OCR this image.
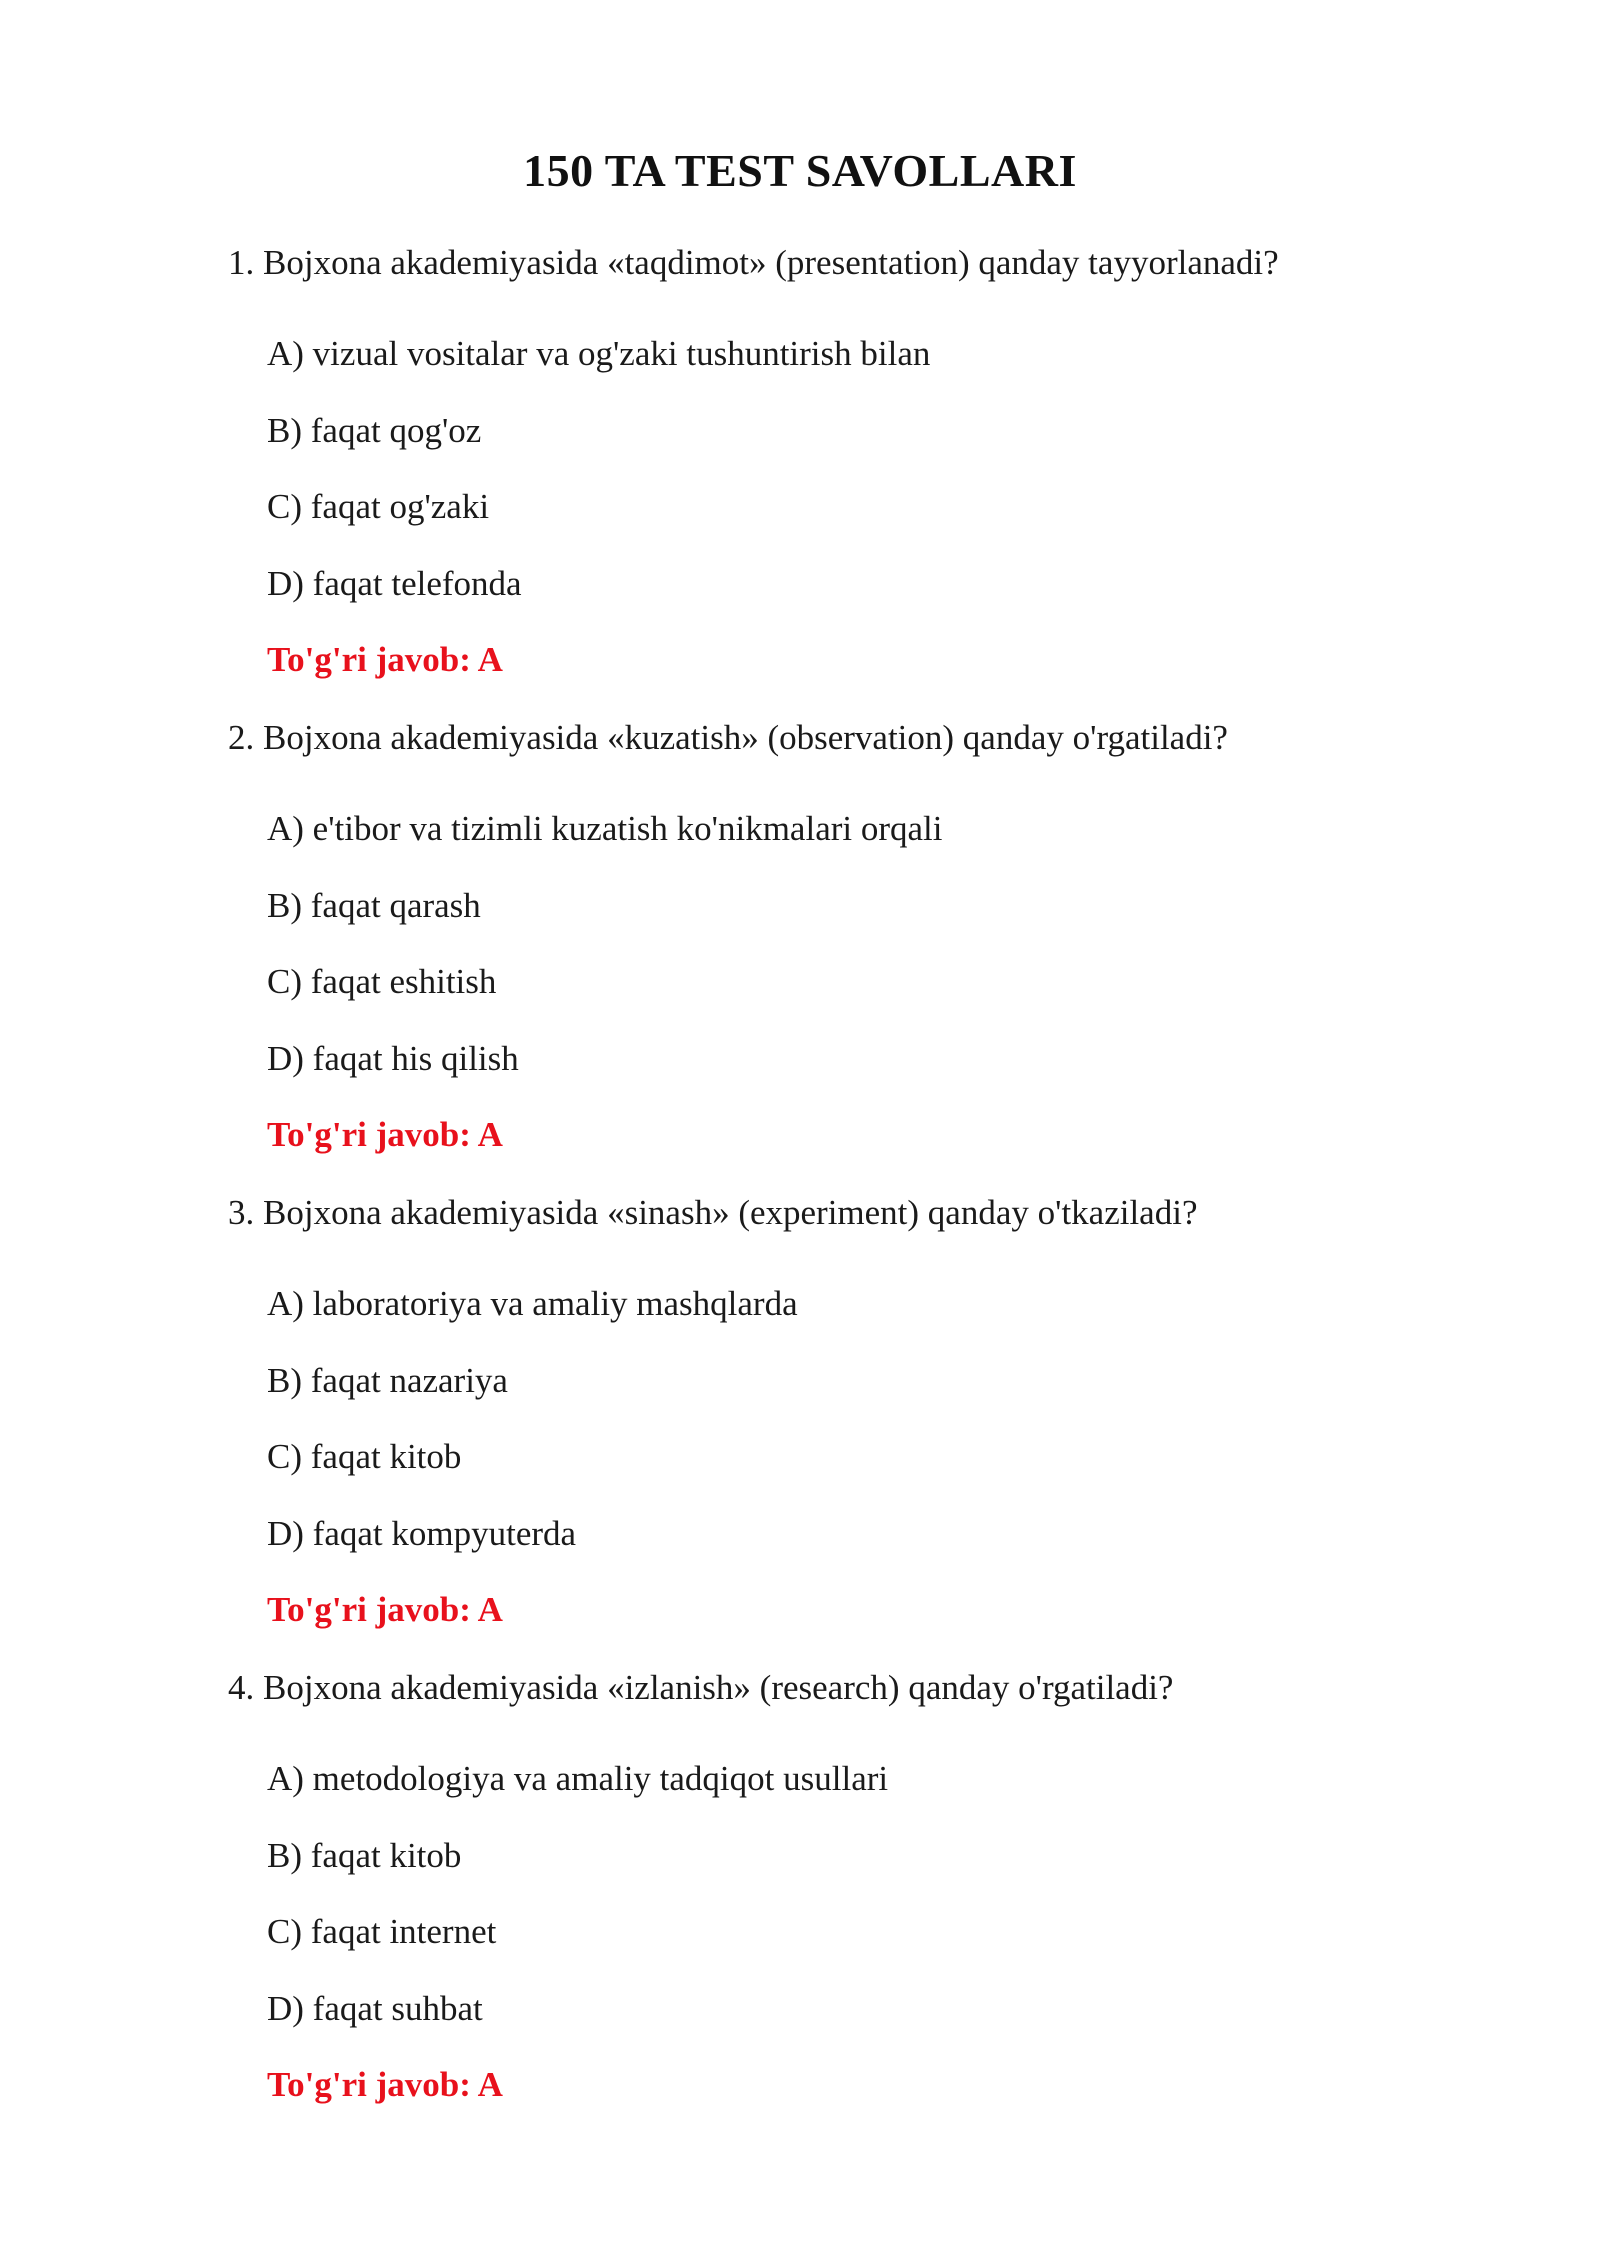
150 TA TEST SAVOLLARI

1. Bojxona akademiyasida «taqdimot» (presentation) qanday tayyorlanadi?

A) vizual vositalar va og'zaki tushuntirish bilan
B) faqat qog'oz
C) faqat og'zaki
D) faqat telefonda
To'g'ri javob: A

2. Bojxona akademiyasida «kuzatish» (observation) qanday o'rgatiladi?

A) e'tibor va tizimli kuzatish ko'nikmalari orqali
B) faqat qarash
C) faqat eshitish
D) faqat his qilish
To'g'ri javob: A

3. Bojxona akademiyasida «sinash» (experiment) qanday o'tkaziladi?

A) laboratoriya va amaliy mashqlarda
B) faqat nazariya
C) faqat kitob
D) faqat kompyuterda
To'g'ri javob: A

4. Bojxona akademiyasida «izlanish» (research) qanday o'rgatiladi?

A) metodologiya va amaliy tadqiqot usullari
B) faqat kitob
C) faqat internet
D) faqat suhbat
To'g'ri javob: A
